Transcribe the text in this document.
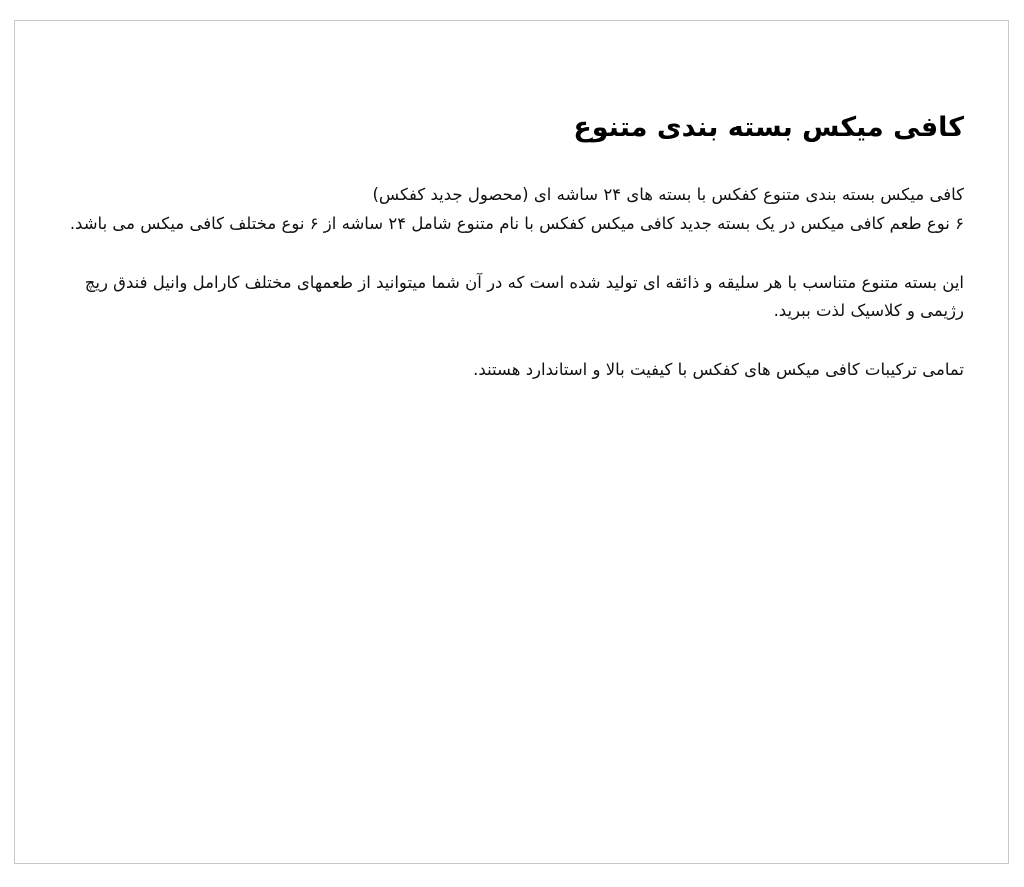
کافی میکس بسته بندی متنوع

کافی میکس بسته بندی متنوع کفکس با بسته های ۲۴ ساشه ای (محصول جدید کفکس)
۶ نوع طعم کافی میکس در یک بسته جدید کافی میکس کفکس با نام متنوع شامل ۲۴ ساشه از ۶ نوع مختلف کافی میکس می باشد.

این بسته متنوع متناسب با هر سلیقه و ذائقه ای تولید شده است که در آن شما میتوانید از طعمهای مختلف کارامل وانیل فندق ریچ رژیمی و کلاسیک لذت ببرید.

تمامی ترکیبات کافی میکس های کفکس با کیفیت بالا و استاندارد هستند.
